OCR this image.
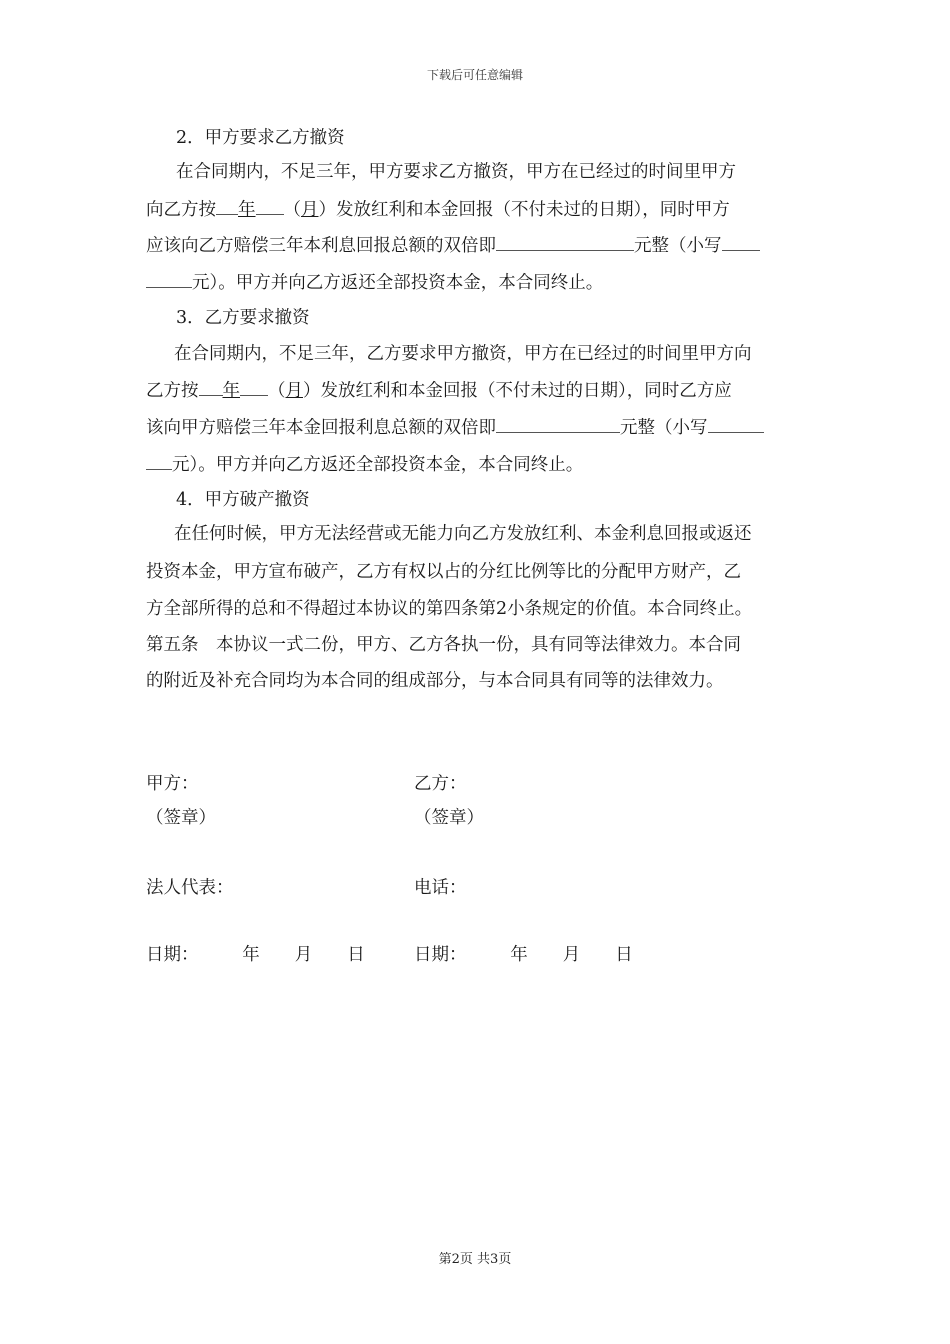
下载后可任意编辑
2．甲方要求乙方撤资
在合同期内，不足三年，甲方要求乙方撤资，甲方在已经过的时间里甲方
向乙方按 年 （月）发放红利和本金回报（不付未过的日期），同时甲方
应该向乙方赔偿三年本利息回报总额的双倍即	元整（小写
元）。甲方并向乙方返还全部投资本金，本合同终止。
3．乙方要求撤资
在合同期内，不足三年，乙方要求甲方撤资，甲方在已经过的时间里甲方向
乙方按 年 （月）发放红利和本金回报（不付未过的日期），同时乙方应
该向甲方赔偿三年本金回报利息总额的双倍即	元整（小写
元）。甲方并向乙方返还全部投资本金，本合同终止。
4．甲方破产撤资
在任何时候，甲方无法经营或无能力向乙方发放红利、本金利息回报或返还
投资本金，甲方宣布破产，乙方有权以占的分红比例等比的分配甲方财产，乙
方全部所得的总和不得超过本协议的第四条第2小条规定的价值。本合同终止。
第五条　本协议一式二份，甲方、乙方各执一份，具有同等法律效力。本合同
的附近及补充合同均为本合同的组成部分，与本合同具有同等的法律效力。
甲方：	乙方：
（签章）	（签章）
法人代表：	电话：
日期：　　　年　　月　　日	日期：　　　年　　月　　日
第2页 共3页
